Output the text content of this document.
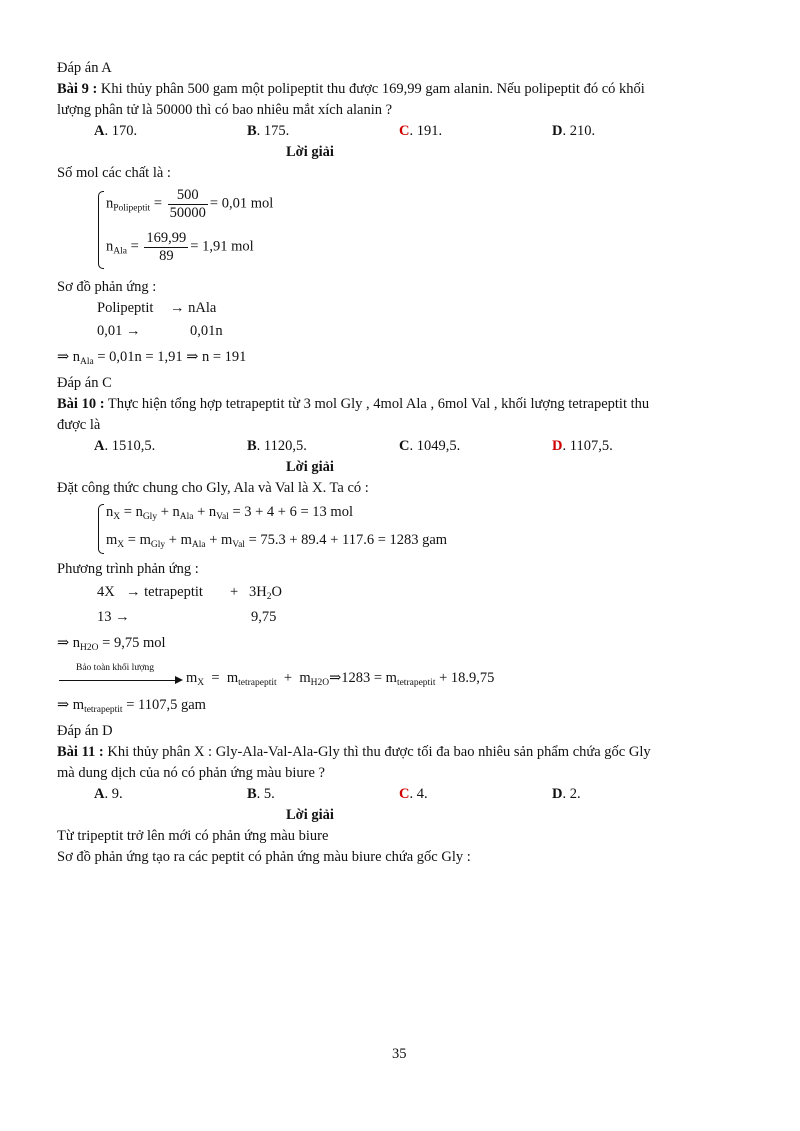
Đáp án A
Bài 9 : Khi thủy phân 500 gam một polipeptit thu được 169,99 gam alanin. Nếu polipeptit đó có khối
lượng phân tử là 50000 thì có bao nhiêu mắt xích alanin ?
A. 170.	B. 175.	C. 191.	D. 210.
Lời giải
Số mol các chất là :
$n_{Polipeptit} = \frac{500}{50000} = 0,01$ mol
$n_{Ala} = \frac{169,99}{89} = 1,91$ mol
Sơ đồ phản ứng :
Polipeptit → nAla
0,01 →	0,01n
⇒ $n_{Ala} = 0,01n = 1,91$ ⇒ n = 191
Đáp án C
Bài 10 : Thực hiện tổng hợp tetrapeptit từ 3 mol Gly , 4mol Ala , 6mol Val , khối lượng tetrapeptit thu
được là
A. 1510,5.	B. 1120,5.	C. 1049,5.	D. 1107,5.
Lời giải
Đặt công thức chung cho Gly, Ala và Val là X. Ta có :
$n_X = n_{Gly} + n_{Ala} + n_{Val} = 3 + 4 + 6 = 13$ mol
$m_X = m_{Gly} + m_{Ala} + m_{Val} = 75.3 + 89.4 + 117.6 = 1283$ gam
Phương trình phản ứng :
4X → tetrapeptit + $3H_2O$
13 →	9,75
⇒ $n_{H2O} = 9,75$ mol
Bảo toàn khối lượng
$m_X = m_{tetrapeptit}$ + $m_{H2O}\Rightarrow 1283 = m_{tetrapeptit} + 18.9,75$
⇒ $m_{tetrapeptit} = 1107,5$ gam
Đáp án D
Bài 11 : Khi thủy phân X : Gly-Ala-Val-Ala-Gly thì thu được tối đa bao nhiêu sản phẩm chứa gốc Gly
mà dung dịch của nó có phản ứng màu biure ?
A. 9.	B. 5.	C. 4.	D. 2.
Lời giải
Từ tripeptit trở lên mới có phản ứng màu biure
Sơ đồ phản ứng tạo ra các peptit có phản ứng màu biure chứa gốc Gly :
35
